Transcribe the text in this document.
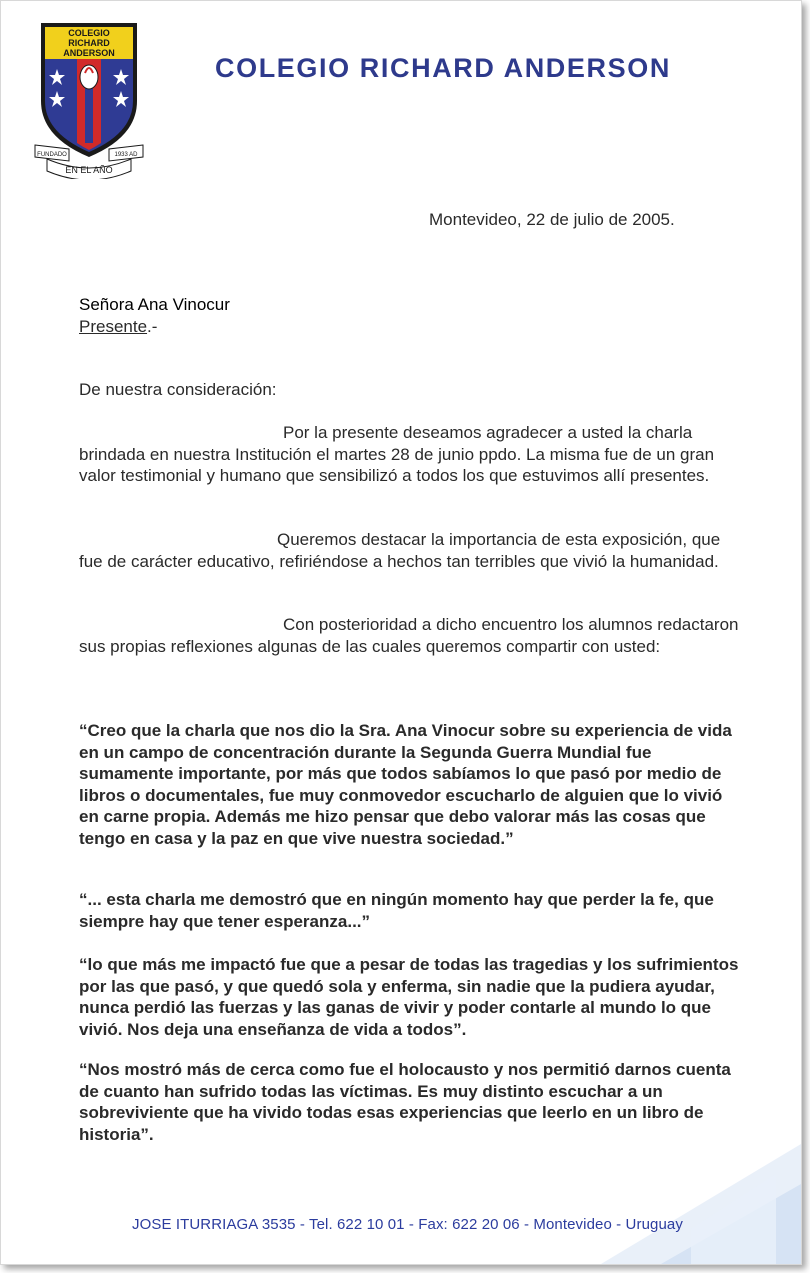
COLEGIO
RICHARD
ANDERSON
FUNDADO	1933 AD
EN EL AÑO
COLEGIO RICHARD ANDERSON
Montevideo, 22 de julio de 2005.
Señora Ana Vinocur
Presente.-
De nuestra consideración:

Por la presente deseamos agradecer a usted la charla brindada en nuestra Institución el martes 28 de junio ppdo. La misma fue de un gran valor testimonial y humano que sensibilizó a todos los que estuvimos allí presentes.

Queremos destacar la importancia de esta exposición, que fue de carácter educativo, refiriéndose a hechos tan terribles que vivió la humanidad.

Con posterioridad a dicho encuentro los alumnos redactaron sus propias reflexiones algunas de las cuales queremos compartir con usted:

“Creo que la charla que nos dio la Sra. Ana Vinocur sobre su experiencia de vida en un campo de concentración durante la Segunda Guerra Mundial fue sumamente importante, por más que todos sabíamos lo que pasó por medio de libros o documentales, fue muy conmovedor escucharlo de alguien que lo vivió en carne propia. Además me hizo pensar que debo valorar más las cosas que tengo en casa y la paz en que vive nuestra sociedad.”

“... esta charla me demostró que en ningún momento hay que perder la fe, que siempre hay que tener esperanza...”

“lo que más me impactó fue que a pesar de todas las tragedias y los sufrimientos por las que pasó, y que quedó sola y enferma, sin nadie que la pudiera ayudar, nunca perdió las fuerzas y las ganas de vivir y poder contarle al mundo lo que vivió. Nos deja una enseñanza de vida a todos”.

“Nos mostró más de cerca como fue el holocausto y nos permitió darnos cuenta de cuanto han sufrido todas las víctimas. Es muy distinto escuchar a un sobreviviente que ha vivido todas esas experiencias que leerlo en un libro de historia”.

JOSE ITURRIAGA 3535 - Tel. 622 10 01 - Fax: 622 20 06 - Montevideo - Uruguay
